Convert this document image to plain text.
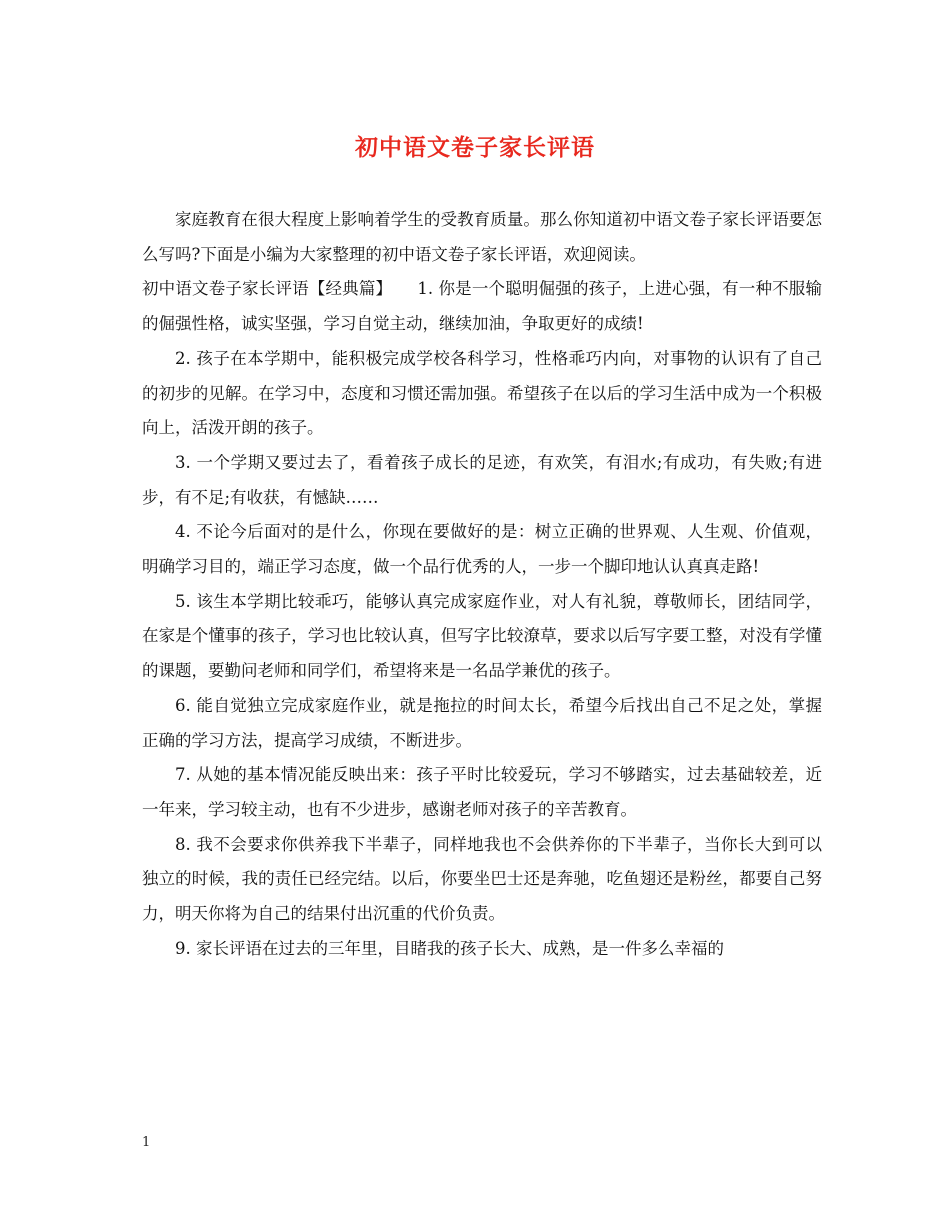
初中语文卷子家长评语

家庭教育在很大程度上影响着学生的受教育质量。那么你知道初中语文卷子家长评语要怎么写吗?下面是小编为大家整理的初中语文卷子家长评语，欢迎阅读。

初中语文卷子家长评语【经典篇】　　1. 你是一个聪明倔强的孩子，上进心强，有一种不服输的倔强性格，诚实坚强，学习自觉主动，继续加油，争取更好的成绩!

2. 孩子在本学期中，能积极完成学校各科学习，性格乖巧内向，对事物的认识有了自己的初步的见解。在学习中，态度和习惯还需加强。希望孩子在以后的学习生活中成为一个积极向上，活泼开朗的孩子。

3. 一个学期又要过去了，看着孩子成长的足迹，有欢笑，有泪水;有成功，有失败;有进步，有不足;有收获，有憾缺……

4. 不论今后面对的是什么，你现在要做好的是：树立正确的世界观、人生观、价值观，明确学习目的，端正学习态度，做一个品行优秀的人，一步一个脚印地认认真真走路!

5. 该生本学期比较乖巧，能够认真完成家庭作业，对人有礼貌，尊敬师长，团结同学，在家是个懂事的孩子，学习也比较认真，但写字比较潦草，要求以后写字要工整，对没有学懂的课题，要勤问老师和同学们，希望将来是一名品学兼优的孩子。

6. 能自觉独立完成家庭作业，就是拖拉的时间太长，希望今后找出自己不足之处，掌握正确的学习方法，提高学习成绩，不断进步。

7. 从她的基本情况能反映出来：孩子平时比较爱玩，学习不够踏实，过去基础较差，近一年来，学习较主动，也有不少进步，感谢老师对孩子的辛苦教育。

8. 我不会要求你供养我下半辈子，同样地我也不会供养你的下半辈子，当你长大到可以独立的时候，我的责任已经完结。以后，你要坐巴士还是奔驰，吃鱼翅还是粉丝，都要自己努力，明天你将为自己的结果付出沉重的代价负责。

9. 家长评语在过去的三年里，目睹我的孩子长大、成熟，是一件多么幸福的

1
